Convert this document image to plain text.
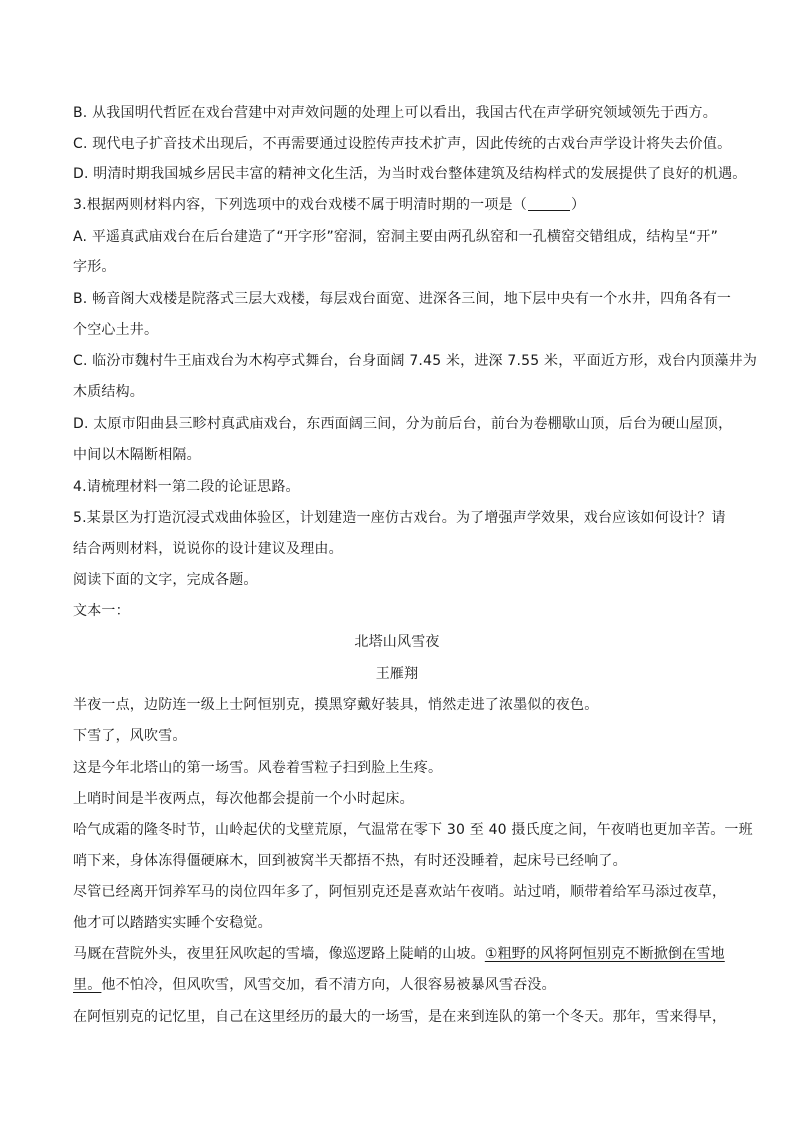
B. 从我国明代哲匠在戏台营建中对声效问题的处理上可以看出，我国古代在声学研究领域领先于西方。
C. 现代电子扩音技术出现后，不再需要通过设腔传声技术扩声，因此传统的古戏台声学设计将失去价值。
D. 明清时期我国城乡居民丰富的精神文化生活，为当时戏台整体建筑及结构样式的发展提供了良好的机遇。
3.根据两则材料内容，下列选项中的戏台戏楼不属于明清时期的一项是（	）
A. 平遥真武庙戏台在后台建造了“开字形”窑洞，窑洞主要由两孔纵窑和一孔横窑交错组成，结构呈“开”
字形。
B. 畅音阁大戏楼是院落式三层大戏楼，每层戏台面宽、进深各三间，地下层中央有一个水井，四角各有一
个空心土井。
C. 临汾市魏村牛王庙戏台为木构亭式舞台，台身面阔 7.45 米，进深 7.55 米，平面近方形，戏台内顶藻井为
木质结构。
D. 太原市阳曲县三畛村真武庙戏台，东西面阔三间，分为前后台，前台为卷棚歇山顶，后台为硬山屋顶，
中间以木隔断相隔。
4.请梳理材料一第二段的论证思路。
5.某景区为打造沉浸式戏曲体验区，计划建造一座仿古戏台。为了增强声学效果，戏台应该如何设计？请
结合两则材料，说说你的设计建议及理由。
阅读下面的文字，完成各题。
文本一：
北塔山风雪夜
王雁翔
半夜一点，边防连一级上士阿恒别克，摸黑穿戴好装具，悄然走进了浓墨似的夜色。
下雪了，风吹雪。
这是今年北塔山的第一场雪。风卷着雪粒子扫到脸上生疼。
上哨时间是半夜两点，每次他都会提前一个小时起床。
哈气成霜的隆冬时节，山岭起伏的戈壁荒原，气温常在零下 30 至 40 摄氏度之间，午夜哨也更加辛苦。一班
哨下来，身体冻得僵硬麻木，回到被窝半天都捂不热，有时还没睡着，起床号已经响了。
尽管已经离开饲养军马的岗位四年多了，阿恒别克还是喜欢站午夜哨。站过哨，顺带着给军马添过夜草，
他才可以踏踏实实睡个安稳觉。
马厩在营院外头，夜里狂风吹起的雪墙，像巡逻路上陡峭的山坡。①粗野的风将阿恒别克不断掀倒在雪地
里。他不怕冷，但风吹雪，风雪交加，看不清方向，人很容易被暴风雪吞没。
在阿恒别克的记忆里，自己在这里经历的最大的一场雪，是在来到连队的第一个冬天。那年，雪来得早，
